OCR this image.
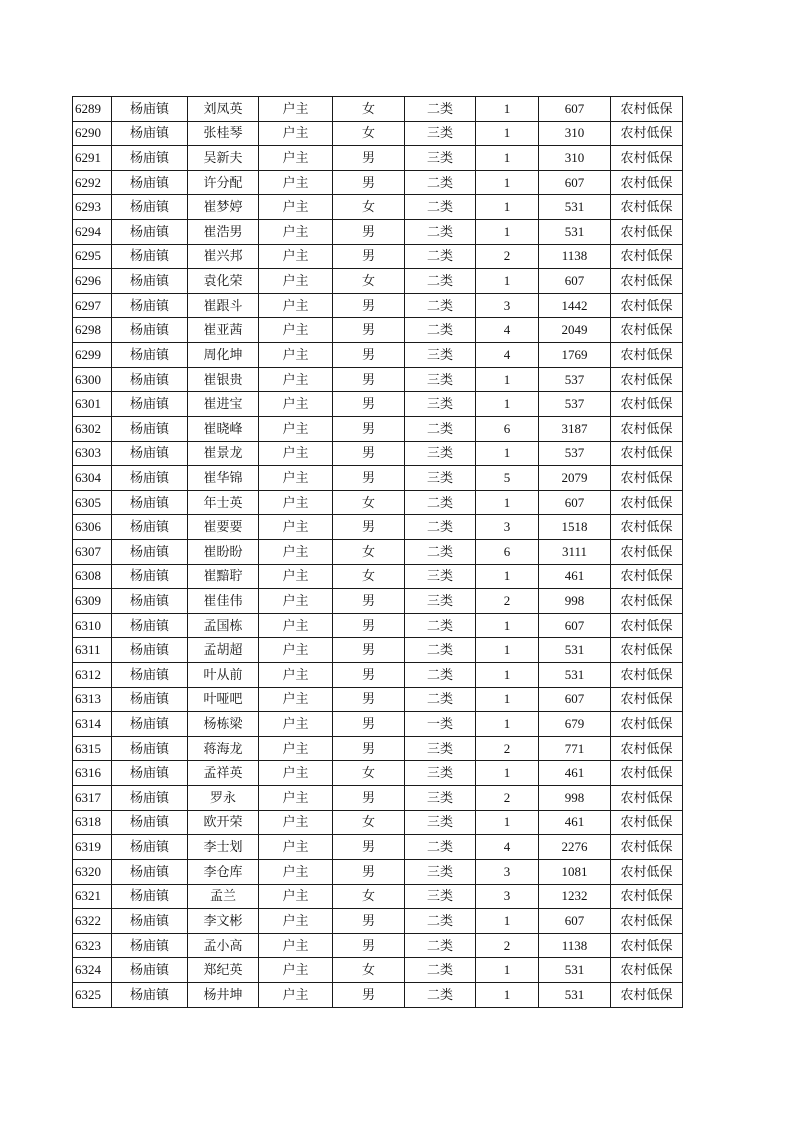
6289	杨庙镇	刘凤英	户主	女	二类	1	607	农村低保
6290	杨庙镇	张桂琴	户主	女	三类	1	310	农村低保
6291	杨庙镇	吴新夫	户主	男	三类	1	310	农村低保
6292	杨庙镇	许分配	户主	男	二类	1	607	农村低保
6293	杨庙镇	崔梦婷	户主	女	二类	1	531	农村低保
6294	杨庙镇	崔浩男	户主	男	二类	1	531	农村低保
6295	杨庙镇	崔兴邦	户主	男	二类	2	1138	农村低保
6296	杨庙镇	袁化荣	户主	女	二类	1	607	农村低保
6297	杨庙镇	崔跟斗	户主	男	二类	3	1442	农村低保
6298	杨庙镇	崔亚茜	户主	男	二类	4	2049	农村低保
6299	杨庙镇	周化坤	户主	男	三类	4	1769	农村低保
6300	杨庙镇	崔银贵	户主	男	三类	1	537	农村低保
6301	杨庙镇	崔进宝	户主	男	三类	1	537	农村低保
6302	杨庙镇	崔晓峰	户主	男	二类	6	3187	农村低保
6303	杨庙镇	崔景龙	户主	男	三类	1	537	农村低保
6304	杨庙镇	崔华锦	户主	男	三类	5	2079	农村低保
6305	杨庙镇	年士英	户主	女	二类	1	607	农村低保
6306	杨庙镇	崔要要	户主	男	二类	3	1518	农村低保
6307	杨庙镇	崔盼盼	户主	女	二类	6	3111	农村低保
6308	杨庙镇	崔黯聍	户主	女	三类	1	461	农村低保
6309	杨庙镇	崔佳伟	户主	男	三类	2	998	农村低保
6310	杨庙镇	孟国栋	户主	男	二类	1	607	农村低保
6311	杨庙镇	孟胡超	户主	男	二类	1	531	农村低保
6312	杨庙镇	叶从前	户主	男	二类	1	531	农村低保
6313	杨庙镇	叶哑吧	户主	男	二类	1	607	农村低保
6314	杨庙镇	杨栋梁	户主	男	一类	1	679	农村低保
6315	杨庙镇	蒋海龙	户主	男	三类	2	771	农村低保
6316	杨庙镇	孟祥英	户主	女	三类	1	461	农村低保
6317	杨庙镇	罗永	户主	男	三类	2	998	农村低保
6318	杨庙镇	欧开荣	户主	女	三类	1	461	农村低保
6319	杨庙镇	李士划	户主	男	二类	4	2276	农村低保
6320	杨庙镇	李仓库	户主	男	三类	3	1081	农村低保
6321	杨庙镇	孟兰	户主	女	三类	3	1232	农村低保
6322	杨庙镇	李文彬	户主	男	二类	1	607	农村低保
6323	杨庙镇	孟小高	户主	男	二类	2	1138	农村低保
6324	杨庙镇	郑纪英	户主	女	二类	1	531	农村低保
6325	杨庙镇	杨井坤	户主	男	二类	1	531	农村低保
